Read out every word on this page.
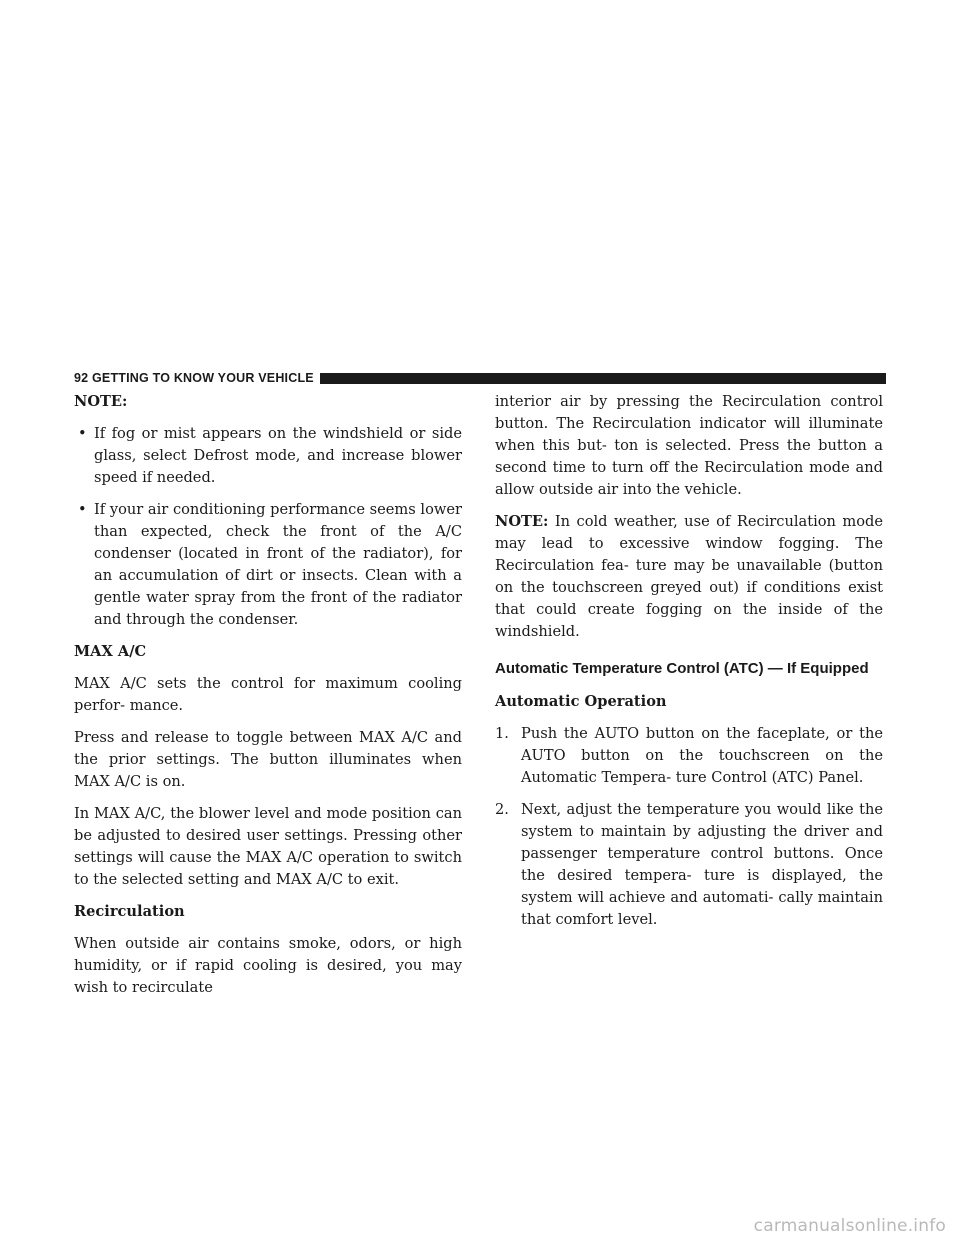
92 GETTING TO KNOW YOUR VEHICLE

NOTE:

• If fog or mist appears on the windshield or side glass, select Defrost mode, and increase blower speed if needed.
• If your air conditioning performance seems lower than expected, check the front of the A/C condenser (located in front of the radiator), for an accumulation of dirt or insects. Clean with a gentle water spray from the front of the radiator and through the condenser.

MAX A/C

MAX A/C sets the control for maximum cooling perfor- mance.

Press and release to toggle between MAX A/C and the prior settings. The button illuminates when MAX A/C is on.

In MAX A/C, the blower level and mode position can be adjusted to desired user settings. Pressing other settings will cause the MAX A/C operation to switch to the selected setting and MAX A/C to exit.

Recirculation

When outside air contains smoke, odors, or high humidity, or if rapid cooling is desired, you may wish to recirculate

interior air by pressing the Recirculation control button. The Recirculation indicator will illuminate when this but- ton is selected. Press the button a second time to turn off the Recirculation mode and allow outside air into the vehicle.

NOTE: In cold weather, use of Recirculation mode may lead to excessive window fogging. The Recirculation fea- ture may be unavailable (button on the touchscreen greyed out) if conditions exist that could create fogging on the inside of the windshield.

Automatic Temperature Control (ATC) — If Equipped

Automatic Operation

1. Push the AUTO button on the faceplate, or the AUTO button on the touchscreen on the Automatic Tempera- ture Control (ATC) Panel.
2. Next, adjust the temperature you would like the system to maintain by adjusting the driver and passenger temperature control buttons. Once the desired tempera- ture is displayed, the system will achieve and automati- cally maintain that comfort level.
carmanualsonline.info
